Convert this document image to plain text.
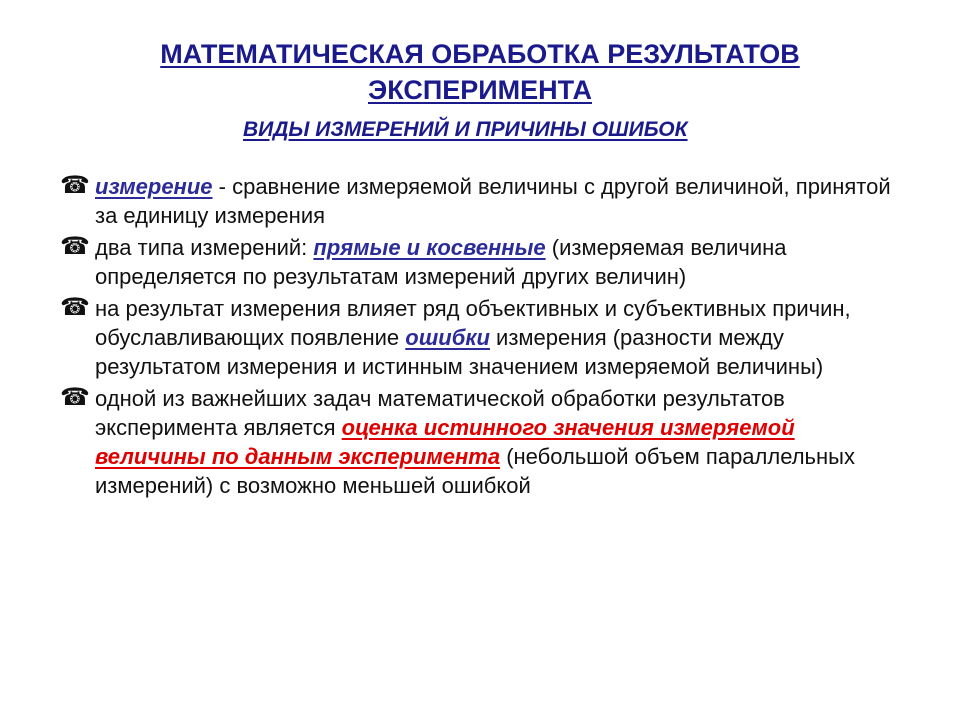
МАТЕМАТИЧЕСКАЯ ОБРАБОТКА РЕЗУЛЬТАТОВ
ЭКСПЕРИМЕНТА
ВИДЫ ИЗМЕРЕНИЙ И ПРИЧИНЫ ОШИБОК
☎ измерение - сравнение измеряемой величины с другой величиной, принятой за единицу измерения
☎ два типа измерений: прямые и косвенные (измеряемая величина определяется по результатам измерений других величин)
☎ на результат измерения влияет ряд объективных и субъективных причин, обуславливающих появление ошибки измерения (разности между результатом измерения и истинным значением измеряемой величины)
☎ одной из важнейших задач математической обработки результатов эксперимента является оценка истинного значения измеряемой величины по данным эксперимента (небольшой объем параллельных измерений) с возможно меньшей ошибкой
